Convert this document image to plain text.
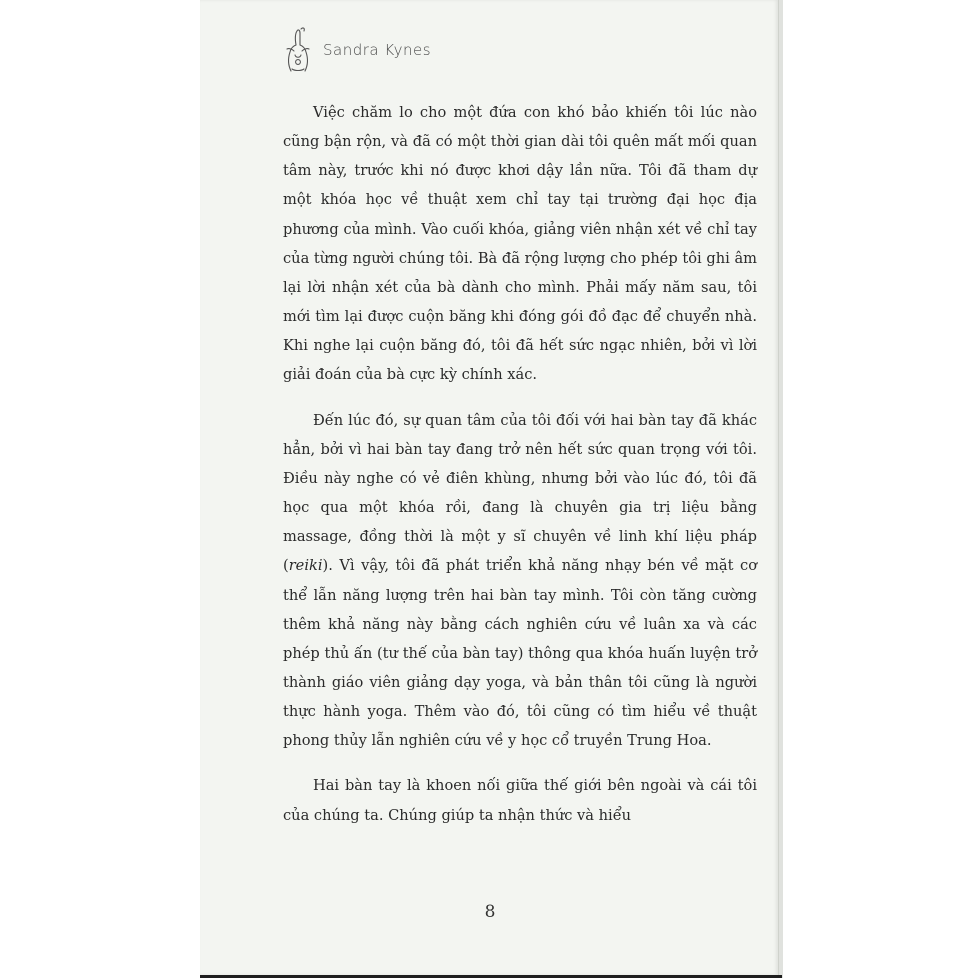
Sandra Kynes

Việc chăm lo cho một đứa con khó bảo khiến tôi lúc nào cũng bận rộn, và đã có một thời gian dài tôi quên mất mối quan tâm này, trước khi nó được khơi dậy lần nữa. Tôi đã tham dự một khóa học về thuật xem chỉ tay tại trường đại học địa phương của mình. Vào cuối khóa, giảng viên nhận xét về chỉ tay của từng người chúng tôi. Bà đã rộng lượng cho phép tôi ghi âm lại lời nhận xét của bà dành cho mình. Phải mấy năm sau, tôi mới tìm lại được cuộn băng khi đóng gói đồ đạc để chuyển nhà. Khi nghe lại cuộn băng đó, tôi đã hết sức ngạc nhiên, bởi vì lời giải đoán của bà cực kỳ chính xác.

Đến lúc đó, sự quan tâm của tôi đối với hai bàn tay đã khác hẳn, bởi vì hai bàn tay đang trở nên hết sức quan trọng với tôi. Điều này nghe có vẻ điên khùng, nhưng bởi vào lúc đó, tôi đã học qua một khóa rồi, đang là chuyên gia trị liệu bằng massage, đồng thời là một y sĩ chuyên về linh khí liệu pháp (reiki). Vì vậy, tôi đã phát triển khả năng nhạy bén về mặt cơ thể lẫn năng lượng trên hai bàn tay mình. Tôi còn tăng cường thêm khả năng này bằng cách nghiên cứu về luân xa và các phép thủ ấn (tư thế của bàn tay) thông qua khóa huấn luyện trở thành giáo viên giảng dạy yoga, và bản thân tôi cũng là người thực hành yoga. Thêm vào đó, tôi cũng có tìm hiểu về thuật phong thủy lẫn nghiên cứu về y học cổ truyền Trung Hoa.

Hai bàn tay là khoen nối giữa thế giới bên ngoài và cái tôi của chúng ta. Chúng giúp ta nhận thức và hiểu

8
